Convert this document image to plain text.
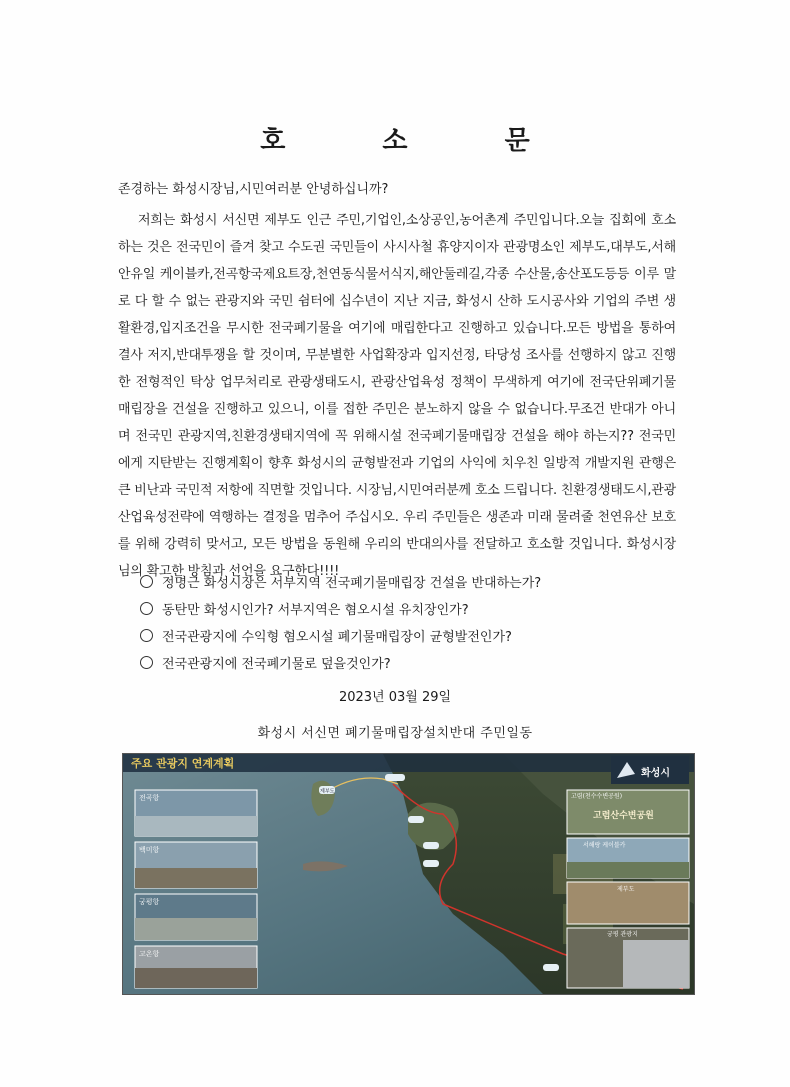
호 소 문
존경하는 화성시장님,시민여러분 안녕하십니까?
저희는 화성시 서신면 제부도 인근 주민,기업인,소상공인,농어촌계 주민입니다.오늘 집회에 호소 하는 것은 전국민이 즐겨 찾고 수도권 국민들이 사시사철 휴양지이자 관광명소인 제부도,대부도,서해안유일 케이블카,전곡항국제요트장,천연동식물서식지,해안둘레길,각종 수산물,송산포도등등 이루 말로 다 할 수 없는 관광지와 국민 쉼터에 십수년이 지난 지금, 화성시 산하 도시공사와 기업의 주변 생활환경,입지조건을 무시한 전국폐기물을 여기에 매립한다고 진행하고 있습니다.모든 방법을 통하여 결사 저지,반대투쟁을 할 것이며, 무분별한 사업확장과 입지선정, 타당성 조사를 선행하지 않고 진행한 전형적인 탁상 업무처리로 관광생태도시, 관광산업육성 정책이 무색하게 여기에 전국단위폐기물 매립장을 건설을 진행하고 있으니, 이를 접한 주민은 분노하지 않을 수 없습니다.무조건 반대가 아니며 전국민 관광지역,친환경생태지역에 꼭 위해시설 전국폐기물매립장 건설을 해야 하는지?? 전국민에게 지탄받는 진행계획이 향후 화성시의 균형발전과 기업의 사익에 치우친 일방적 개발지원 관행은 큰 비난과 국민적 저항에 직면할 것입니다. 시장님,시민여러분께 호소 드립니다. 친환경생태도시,관광산업육성전략에 역행하는 결정을 멈추어 주십시오. 우리 주민들은 생존과 미래 물려줄 천연유산 보호를 위해 강력히 맞서고, 모든 방법을 동원해 우리의 반대의사를 전달하고 호소할 것입니다. 화성시장님의 확고한 방침과 선언을 요구한다!!!!
정명근 화성시장은 서부지역 전국폐기물매립장 건설을 반대하는가?
동탄만 화성시인가? 서부지역은 혐오시설 유치장인가?
전국관광지에 수익형 혐오시설 폐기물매립장이 균형발전인가?
전국관광지에 전국폐기물로 덮을것인가?
2023년 03월 29일
화성시 서신면 폐기물매립장설치반대 주민일동
주요 관광지 연계계획
전곡항
백미항
궁평항
고온항
화성시
고렴(천수수변공원)
고렴산수변공원
서해랑 케이블카
제부도
궁평 관광지
제부도
